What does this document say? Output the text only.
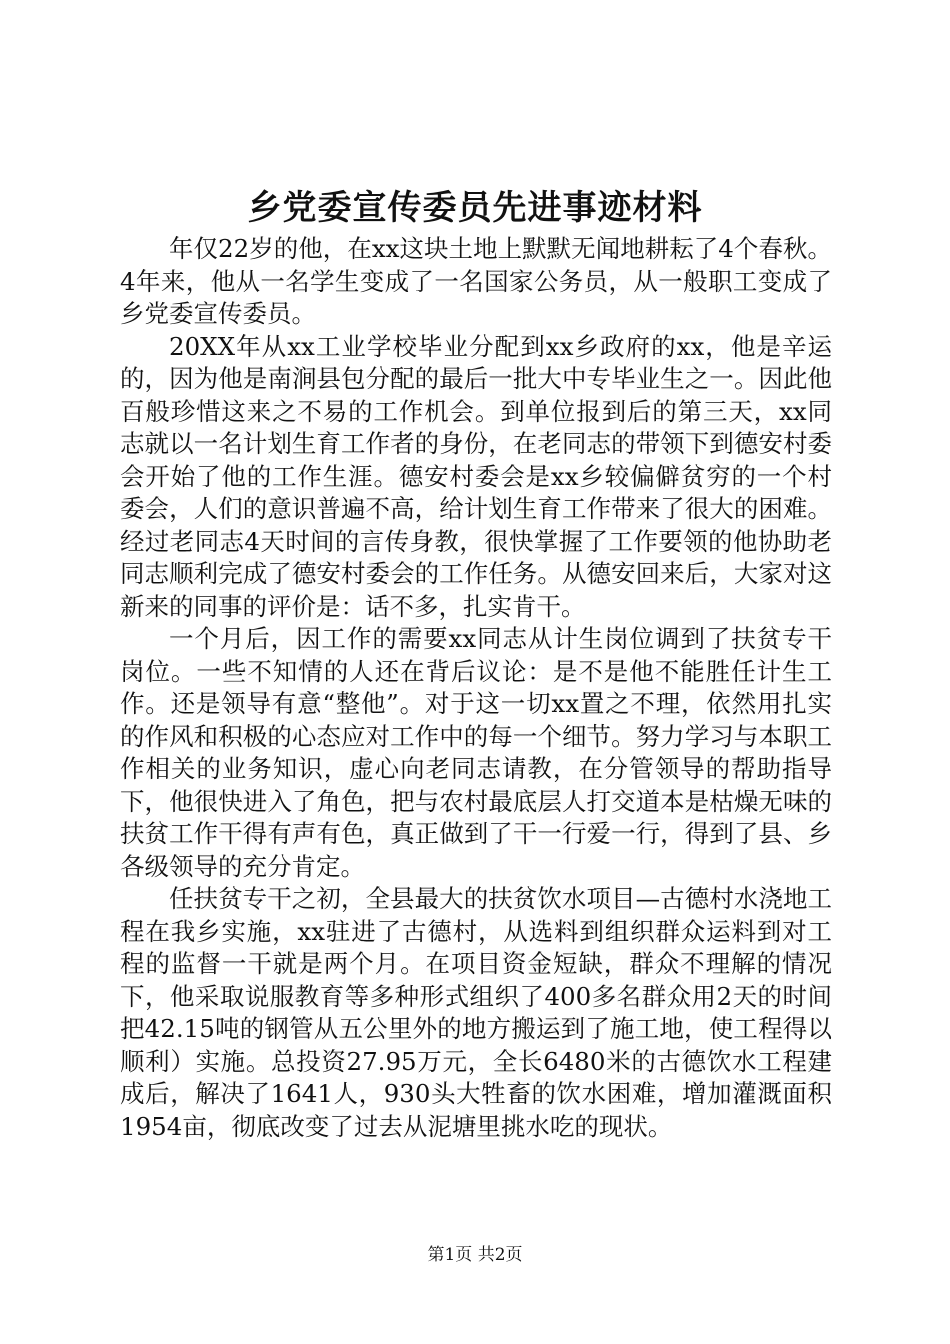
乡党委宣传委员先进事迹材料

年仅22岁的他，在xx这块土地上默默无闻地耕耘了4个春秋。4年来，他从一名学生变成了一名国家公务员，从一般职工变成了乡党委宣传委员。

20XX年从xx工业学校毕业分配到xx乡政府的xx，他是辛运的，因为他是南涧县包分配的最后一批大中专毕业生之一。因此他百般珍惜这来之不易的工作机会。到单位报到后的第三天，xx同志就以一名计划生育工作者的身份，在老同志的带领下到德安村委会开始了他的工作生涯。德安村委会是xx乡较偏僻贫穷的一个村委会，人们的意识普遍不高，给计划生育工作带来了很大的困难。经过老同志4天时间的言传身教，很快掌握了工作要领的他协助老同志顺利完成了德安村委会的工作任务。从德安回来后，大家对这新来的同事的评价是：话不多，扎实肯干。

一个月后，因工作的需要xx同志从计生岗位调到了扶贫专干岗位。一些不知情的人还在背后议论：是不是他不能胜任计生工作。还是领导有意“整他”。对于这一切xx置之不理，依然用扎实的作风和积极的心态应对工作中的每一个细节。努力学习与本职工作相关的业务知识，虚心向老同志请教，在分管领导的帮助指导下，他很快进入了角色，把与农村最底层人打交道本是枯燥无味的扶贫工作干得有声有色，真正做到了干一行爱一行，得到了县、乡各级领导的充分肯定。

任扶贫专干之初，全县最大的扶贫饮水项目—古德村水浇地工程在我乡实施，xx驻进了古德村，从选料到组织群众运料到对工程的监督一干就是两个月。在项目资金短缺，群众不理解的情况下，他采取说服教育等多种形式组织了400多名群众用2天的时间把42.15吨的钢管从五公里外的地方搬运到了施工地，使工程得以顺利）实施。总投资27.95万元，全长6480米的古德饮水工程建成后，解决了1641人，930头大牲畜的饮水困难，增加灌溉面积1954亩，彻底改变了过去从泥塘里挑水吃的现状。

第1页 共2页
